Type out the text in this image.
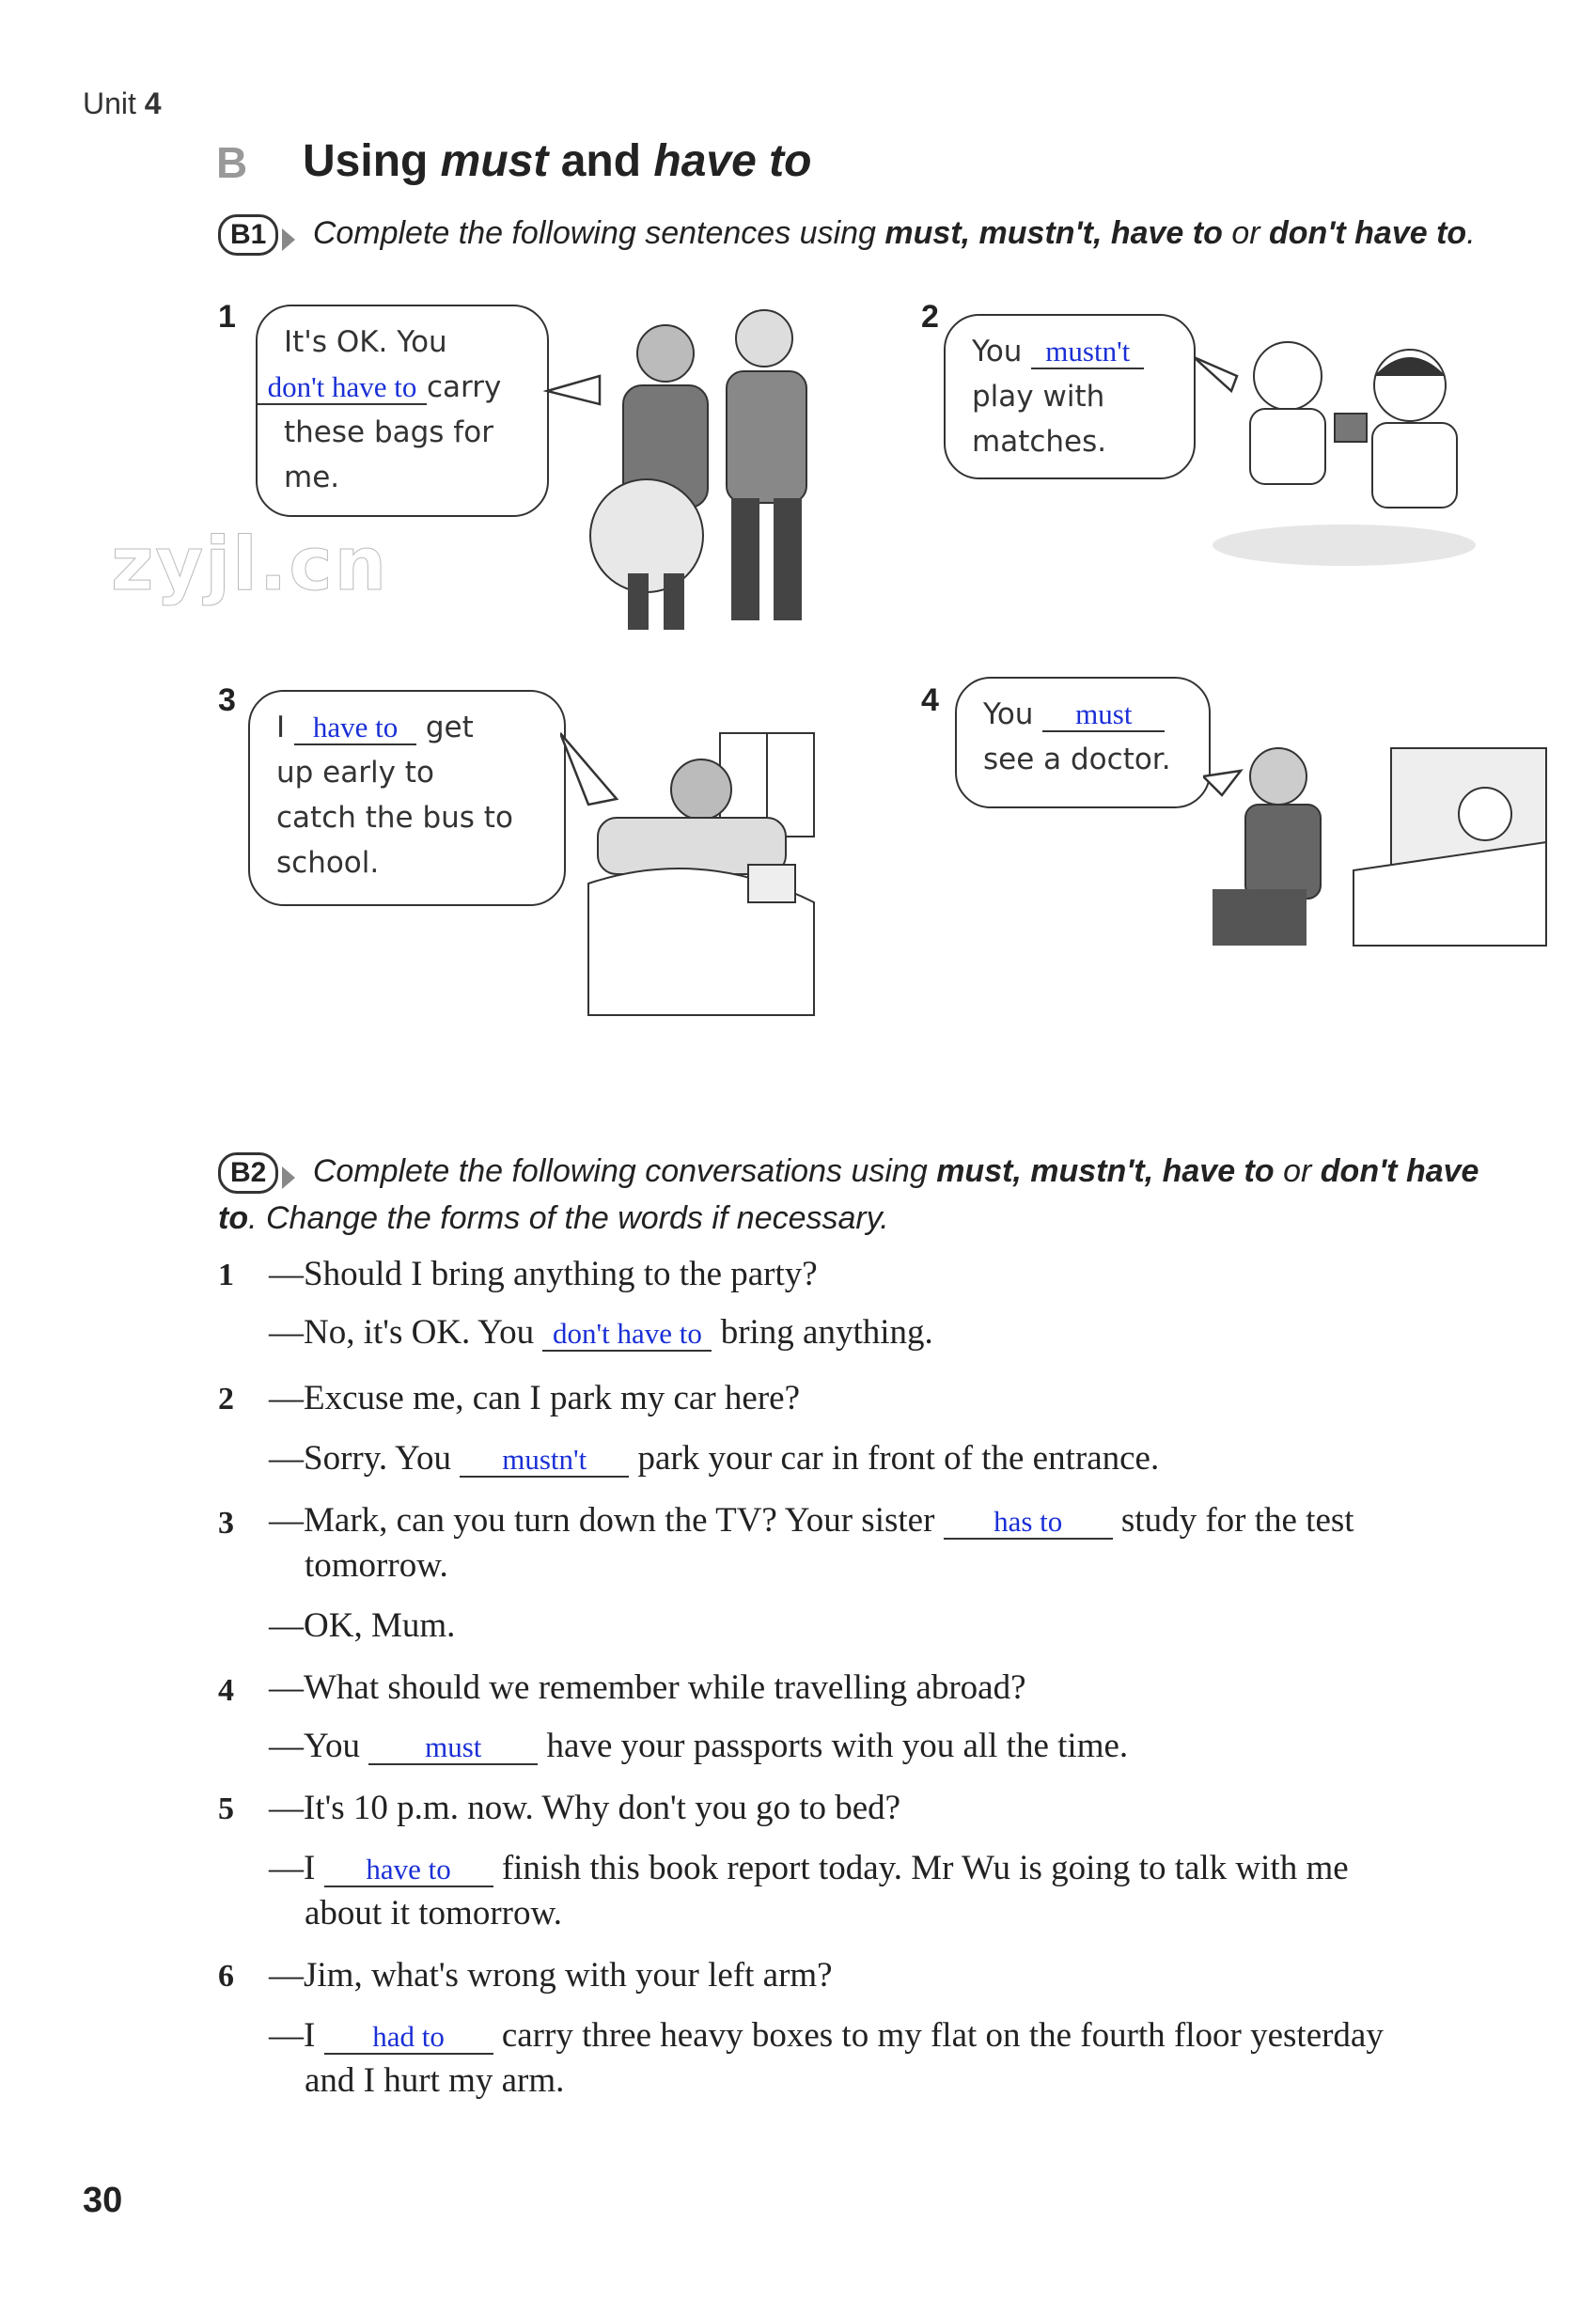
Unit 4
B Using must and have to
B1 Complete the following sentences using must, mustn't, have to or don't have to.
zyjl.cn
1
It's OK. You
don't have to carry
these bags for
me.
2
You mustn't
play with
matches.
3
I have to get
up early to
catch the bus to
school.
4 You must
see a doctor.
B2 Complete the following conversations using must, mustn't, have to or don't have
to. Change the forms of the words if necessary.
1 —Should I bring anything to the party?
—No, it's OK. You don't have to bring anything.
2 —Excuse me, can I park my car here?
—Sorry. You mustn't park your car in front of the entrance.
3 —Mark, can you turn down the TV? Your sister has to study for the test
tomorrow.
—OK, Mum.
4 —What should we remember while travelling abroad?
—You must have your passports with you all the time.
5 —It's 10 p.m. now. Why don't you go to bed?
—I have to finish this book report today. Mr Wu is going to talk with me
about it tomorrow.
6 —Jim, what's wrong with your left arm?
—I had to carry three heavy boxes to my flat on the fourth floor yesterday
and I hurt my arm.
30
